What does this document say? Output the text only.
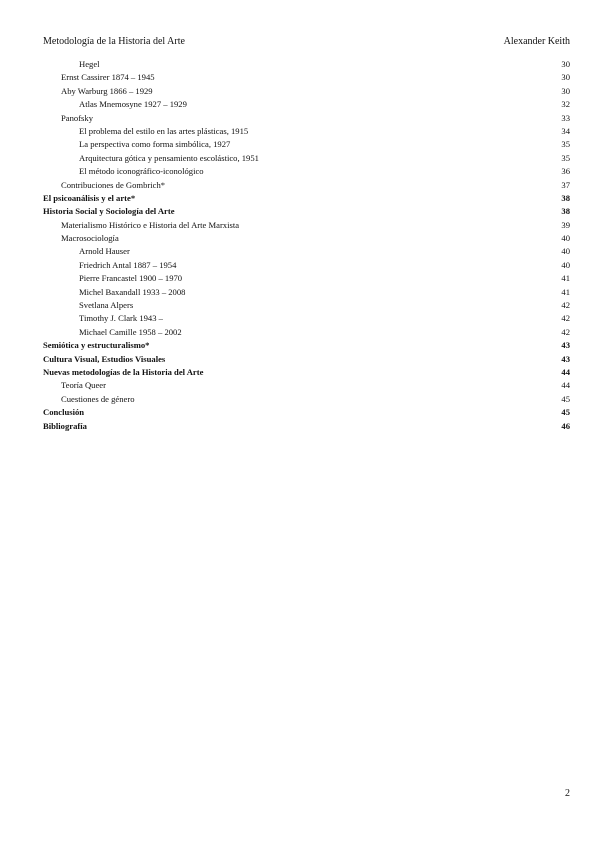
Metodología de la Historia del Arte	Alexander Keith
Hegel	30
Ernst Cassirer 1874 – 1945	30
Aby Warburg 1866 – 1929	30
Atlas Mnemosyne 1927 – 1929	32
Panofsky	33
El problema del estilo en las artes plásticas, 1915	34
La perspectiva como forma simbólica, 1927	35
Arquitectura gótica y pensamiento escolástico, 1951	35
El método iconográfico-iconológico	36
Contribuciones de Gombrich*	37
El psicoanálisis y el arte*	38
Historia Social y Sociología del Arte	38
Materialismo Histórico e Historia del Arte Marxista	39
Macrosociología	40
Arnold Hauser	40
Friedrich Antal 1887 – 1954	40
Pierre Francastel 1900 – 1970	41
Michel Baxandall 1933 – 2008	41
Svetlana Alpers	42
Timothy J. Clark 1943 –	42
Michael Camille 1958 – 2002	42
Semiótica y estructuralismo*	43
Cultura Visual, Estudios Visuales	43
Nuevas metodologías de la Historia del Arte	44
Teoría Queer	44
Cuestiones de género	45
Conclusión	45
Bibliografía	46
2
